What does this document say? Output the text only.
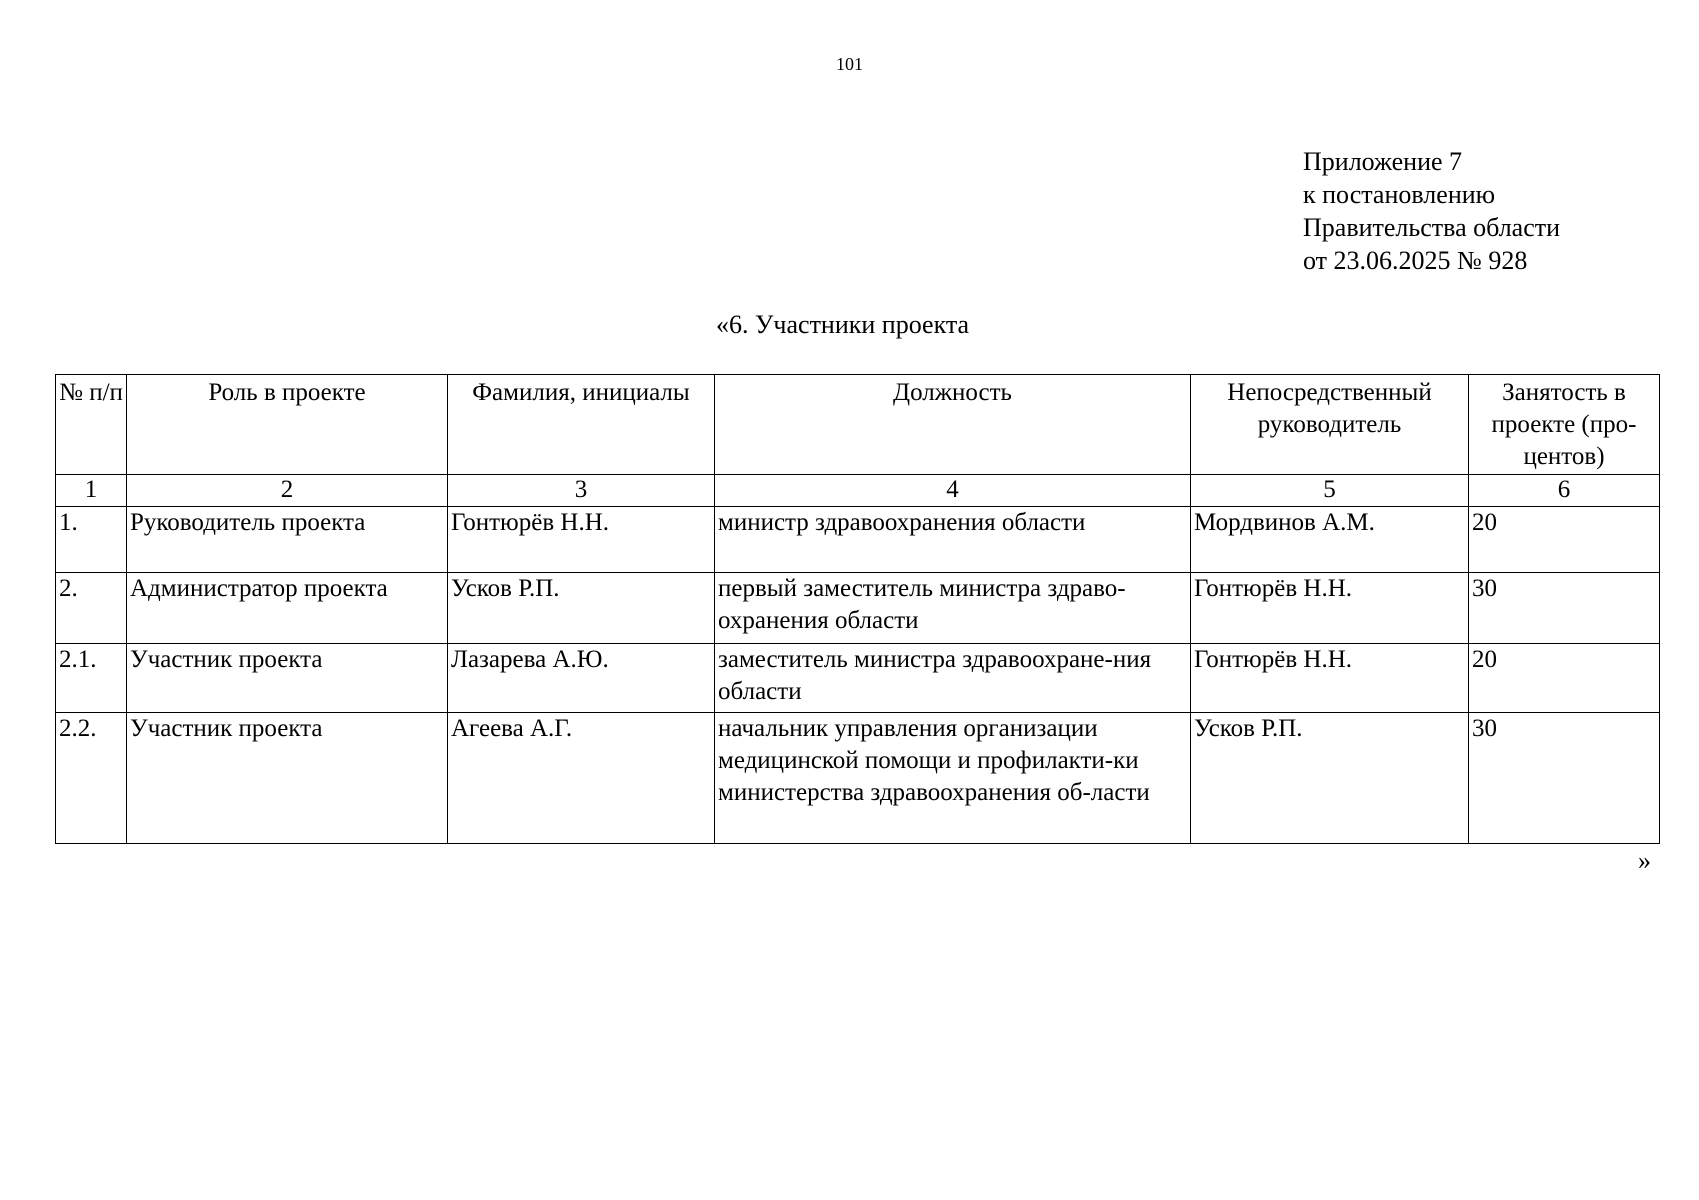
101
Приложение 7
к постановлению
Правительства области
от 23.06.2025 № 928
«6. Участники проекта
№ п/п	Роль в проекте	Фамилия, инициалы	Должность	Непосредственный руководитель	Занятость в проекте (про-центов)
1	2	3	4	5	6
1.	Руководитель проекта	Гонтюрёв Н.Н.	министр здравоохранения области	Мордвинов А.М.	20
2.	Администратор проекта	Усков Р.П.	первый заместитель министра здраво-охранения области	Гонтюрёв Н.Н.	30
2.1.	Участник проекта	Лазарева А.Ю.	заместитель министра здравоохране-ния области	Гонтюрёв Н.Н.	20
2.2.	Участник проекта	Агеева А.Г.	начальник управления организации медицинской помощи и профилакти-ки министерства здравоохранения об-ласти	Усков Р.П.	30
»
